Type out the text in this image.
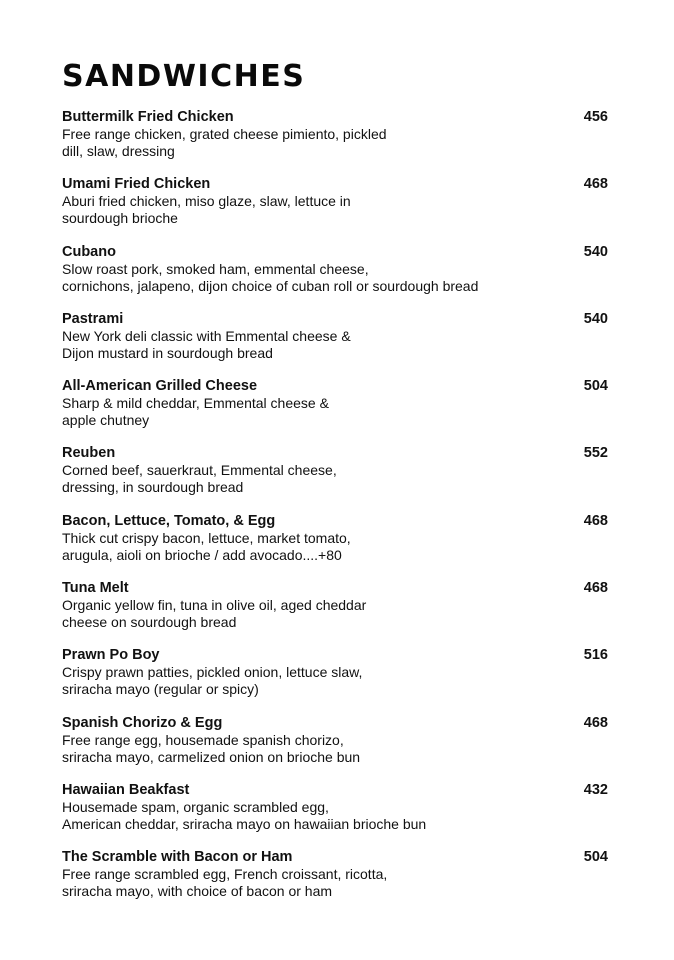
SANDWICHES
Buttermilk Fried Chicken	456
Free range chicken, grated cheese pimiento, pickled
dill, slaw, dressing
Umami Fried Chicken	468
Aburi fried chicken, miso glaze, slaw, lettuce in
sourdough brioche
Cubano	540
Slow roast pork, smoked ham, emmental cheese,
cornichons, jalapeno, dijon choice of cuban roll or sourdough bread
Pastrami	540
New York deli classic with Emmental cheese &
Dijon mustard in sourdough bread
All-American Grilled Cheese	504
Sharp & mild cheddar, Emmental cheese &
apple chutney
Reuben	552
Corned beef, sauerkraut, Emmental cheese,
dressing, in sourdough bread
Bacon, Lettuce, Tomato, & Egg	468
Thick cut crispy bacon, lettuce, market tomato,
arugula, aioli on brioche / add avocado....+80
Tuna Melt	468
Organic yellow fin, tuna in olive oil, aged cheddar
cheese on sourdough bread
Prawn Po Boy	516
Crispy prawn patties, pickled onion, lettuce slaw,
sriracha mayo (regular or spicy)
Spanish Chorizo & Egg	468
Free range egg, housemade spanish chorizo,
sriracha mayo, carmelized onion on brioche bun
Hawaiian Beakfast	432
Housemade spam, organic scrambled egg,
American cheddar, sriracha mayo on hawaiian brioche bun
The Scramble with Bacon or Ham	504
Free range scrambled egg, French croissant, ricotta,
sriracha mayo, with choice of bacon or ham
